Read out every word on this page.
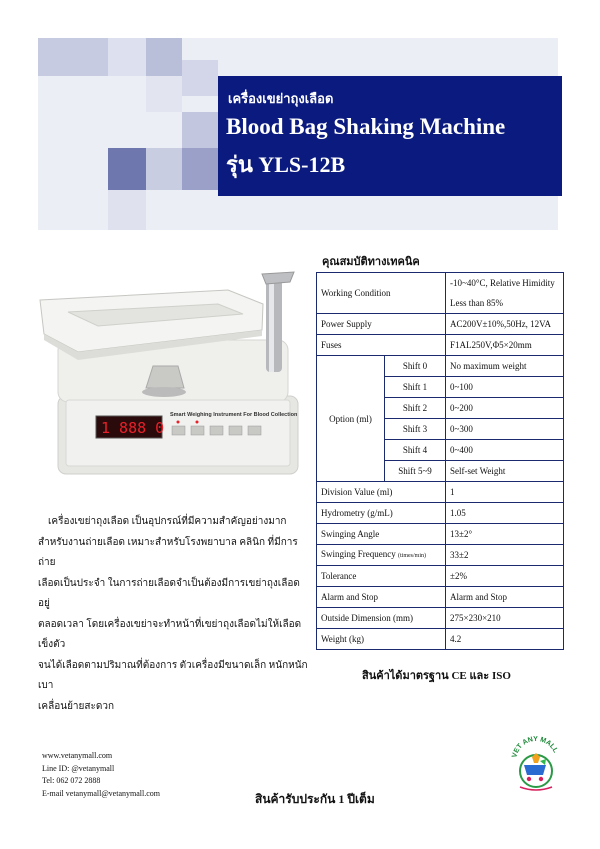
เครื่องเขย่าถุงเลือด
Blood Bag Shaking Machine
รุ่น YLS-12B
Smart Weighing Instrument For Blood Collection
1 888 0
คุณสมบัติทางเทคนิค
Working Condition		-10~40°C, Relative Himidity
Less than 85%

Power Supply		AC200V±10%,50Hz, 12VA
Fuses		F1AL250V,Φ5×20mm
Option (ml)	Shift 0	No maximum weight
	Shift 1	0~100
	Shift 2	0~200
	Shift 3	0~300
	Shift 4	0~400
	Shift 5~9	Self-set Weight
Division Value (ml)		1
Hydrometry (g/mL)		1.05
Swinging Angle		13±2°
Swinging Frequency (times/min)		33±2
Tolerance		±2%
Alarm and Stop		Alarm and Stop
Outside Dimension (mm)		275×230×210
Weight (kg)		4.2
เครื่องเขย่าถุงเลือด เป็นอุปกรณ์ที่มีความสำคัญอย่างมาก
สำหรับงานถ่ายเลือด เหมาะสำหรับโรงพยาบาล คลินิก ที่มีการถ่าย
เลือดเป็นประจำ ในการถ่ายเลือดจำเป็นต้องมีการเขย่าถุงเลือดอยู่
ตลอดเวลา โดยเครื่องเขย่าจะทำหน้าที่เขย่าถุงเลือดไม่ให้เลือดเข็งตัว
จนได้เลือดตามปริมาณที่ต้องการ ตัวเครื่องมีขนาดเล็ก หนักหนักเบา
เคลื่อนย้ายสะดวก
สินค้าได้มาตรฐาน CE และ ISO
www.vetanymall.com
Line ID: @vetanymall
Tel: 062 072 2888
E-mail vetanymall@vetanymall.com	สินค้ารับประกัน 1 ปีเต็ม
VET ANY MALL
